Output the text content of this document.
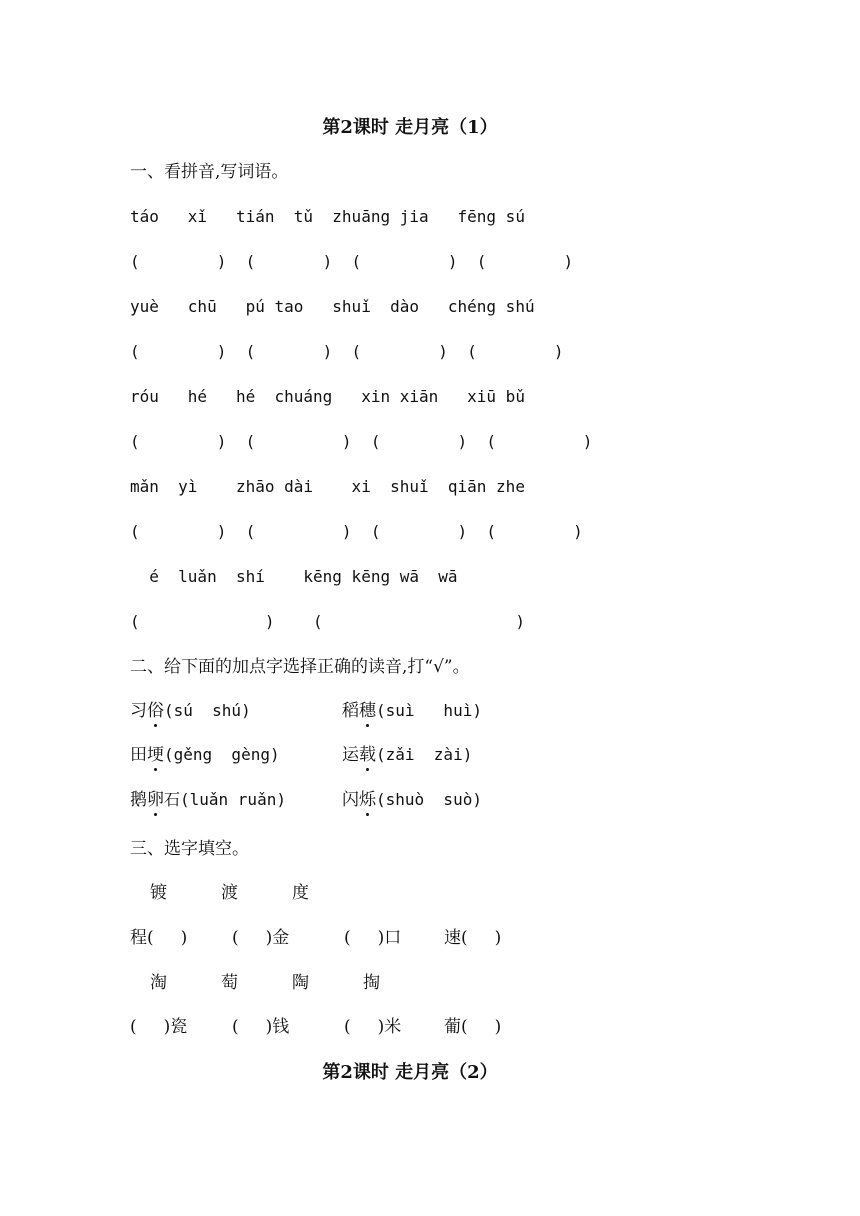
第2课时 走月亮（1）
一、看拼音,写词语。
táo   xǐ   tián  tǔ  zhuāng jia   fēng sú
(        )  (       )  (         )  (        )
yuè   chū   pú tao   shuǐ  dào   chéng shú
(        )  (       )  (        )  (        )
róu   hé   hé  chuáng   xin xiān   xiū bǔ
(        )  (         )  (        )  (         )
mǎn  yì    zhāo dài    xi  shuǐ  qiān zhe
(        )  (         )  (        )  (        )
é  luǎn  shí    kēng kēng wā  wā
(             )    (                    )
二、给下面的加点字选择正确的读音,打“√”。
习俗(sú  shú)	稻穗(suì   huì)
田埂(gěng  gèng)	运载(zǎi  zài)
鹅卵石(luǎn ruǎn)	闪烁(shuò  suò)
三、选字填空。
镀	渡	度
程(     )	(     )金	(     )口	速(     )
淘	萄	陶	掏
(     )瓷	(     )钱	(     )米	葡(     )
第2课时 走月亮（2）
